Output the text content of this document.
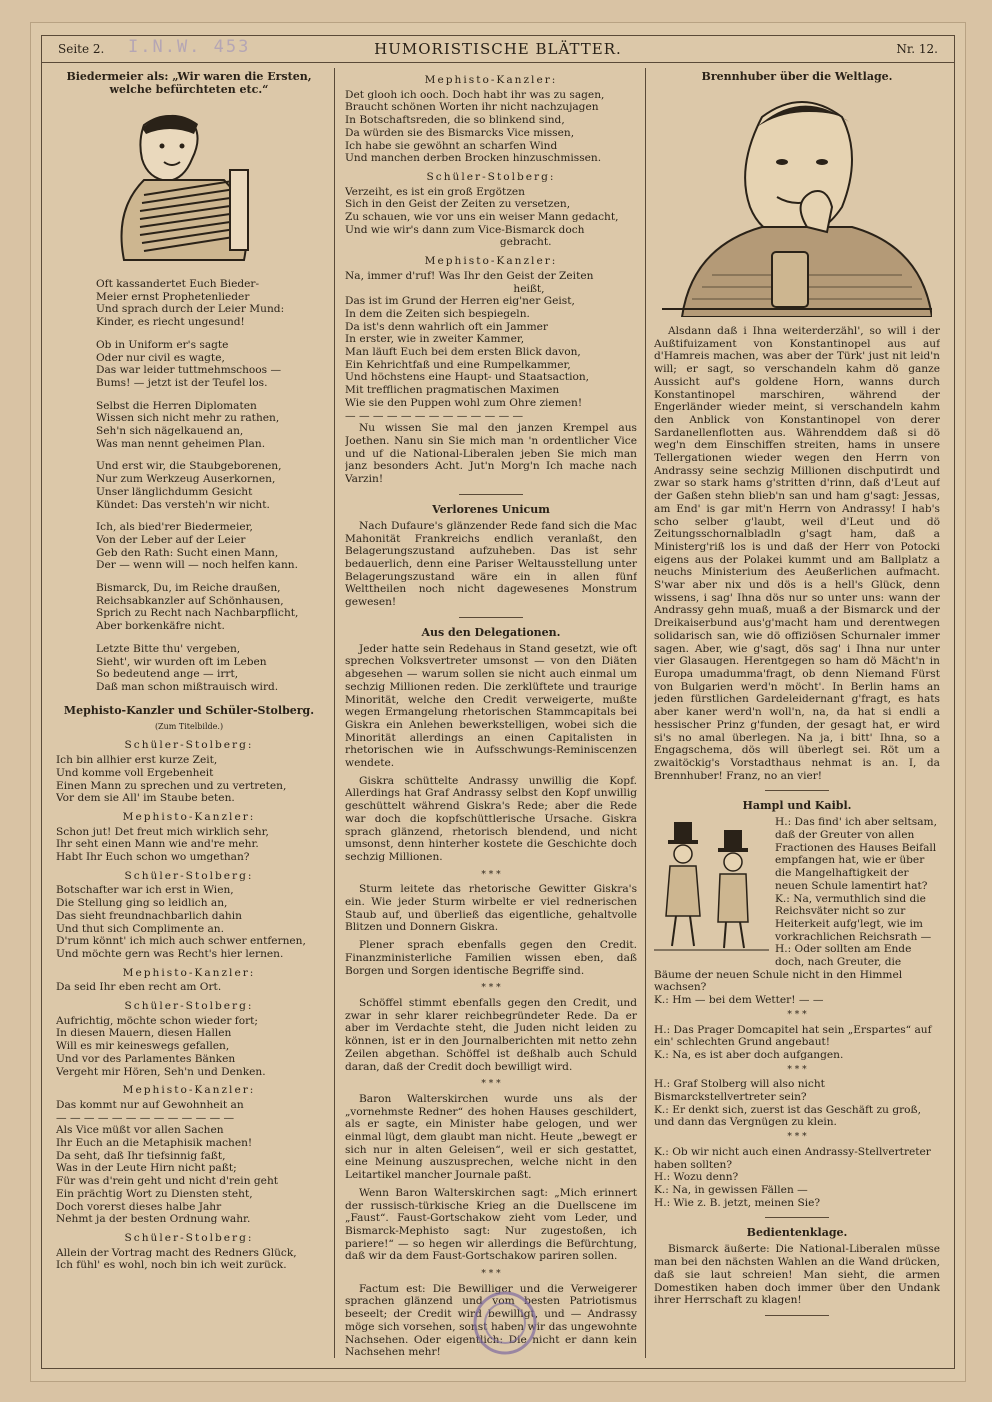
Seite 2. I.N.W. 453	HUMORISTISCHE BLÄTTER.	Nr. 12.
Biedermeier als: „Wir waren die Ersten, welche befürchteten etc.“
Oft kassandertet Euch Bieder-
Meier ernst Prophetenlieder
Und sprach durch der Leier Mund:
Kinder, es riecht ungesund!
Ob in Uniform er's sagte
Oder nur civil es wagte,
Das war leider tuttmehmschoos —
Bums! — jetzt ist der Teufel los.
Selbst die Herren Diplomaten
Wissen sich nicht mehr zu rathen,
Seh'n sich nägelkauend an,
Was man nennt geheimen Plan.
Und erst wir, die Staubgeborenen,
Nur zum Werkzeug Auserkornen,
Unser länglichdumm Gesicht
Kündet: Das versteh'n wir nicht.
Ich, als bied'rer Biedermeier,
Von der Leber auf der Leier
Geb den Rath: Sucht einen Mann,
Der — wenn will — noch helfen kann.
Bismarck, Du, im Reiche draußen,
Reichsabkanzler auf Schönhausen,
Sprich zu Recht nach Nachbarpflicht,
Aber borkenkäfre nicht.
Letzte Bitte thu' vergeben,
Sieht', wir wurden oft im Leben
So bedeutend ange — irrt,
Daß man schon mißtrauisch wird.
Mephisto-Kanzler und Schüler-Stolberg.
(Zum Titelbilde.)
Schüler-Stolberg:

Ich bin allhier erst kurze Zeit,
Und komme voll Ergebenheit
Einen Mann zu sprechen und zu vertreten,
Vor dem sie All' im Staube beten.

Mephisto-Kanzler:

Schon jut! Det freut mich wirklich sehr,
Ihr seht einen Mann wie and're mehr.
Habt Ihr Euch schon wo umgethan?

Schüler-Stolberg:

Botschafter war ich erst in Wien,
Die Stellung ging so leidlich an,
Das sieht freundnachbarlich dahin
Und thut sich Complimente an.
D'rum könnt' ich mich auch schwer entfernen,
Und möchte gern was Recht's hier lernen.

Mephisto-Kanzler:

Da seid Ihr eben recht am Ort.

Schüler-Stolberg:

Aufrichtig, möchte schon wieder fort;
In diesen Mauern, diesen Hallen
Will es mir keineswegs gefallen,
Und vor des Parlamentes Bänken
Vergeht mir Hören, Seh'n und Denken.

Mephisto-Kanzler:

Das kommt nur auf Gewohnheit an
— — — — — — — — — — — — —
Als Vice müßt vor allen Sachen
Ihr Euch an die Metaphisik machen!
Da seht, daß Ihr tiefsinnig faßt,
Was in der Leute Hirn nicht paßt;
Für was d'rein geht und nicht d'rein geht
Ein prächtig Wort zu Diensten steht,
Doch vorerst dieses halbe Jahr
Nehmt ja der besten Ordnung wahr.

Schüler-Stolberg:

Allein der Vortrag macht des Redners Glück,
Ich fühl' es wohl, noch bin ich weit zurück.

Mephisto-Kanzler:

Det glooh ich ooch. Doch habt ihr was zu sagen,
Braucht schönen Worten ihr nicht nachzujagen
In Botschaftsreden, die so blinkend sind,
Da würden sie des Bismarcks Vice missen,
Ich habe sie gewöhnt an scharfen Wind
Und manchen derben Brocken hinzuschmissen.

Schüler-Stolberg:

Verzeiht, es ist ein groß Ergötzen
Sich in den Geist der Zeiten zu versetzen,
Zu schauen, wie vor uns ein weiser Mann gedacht,
Und wie wir's dann zum Vice-Bismarck doch
gebracht.

Mephisto-Kanzler:

Na, immer d'ruf! Was Ihr den Geist der Zeiten
heißt,
Das ist im Grund der Herren eig'ner Geist,
In dem die Zeiten sich bespiegeln.
Da ist's denn wahrlich oft ein Jammer
In erster, wie in zweiter Kammer,
Man läuft Euch bei dem ersten Blick davon,
Ein Kehrichtfaß und eine Rumpelkammer,
Und höchstens eine Haupt- und Staatsaction,
Mit trefflichen pragmatischen Maximen
Wie sie den Puppen wohl zum Ohre ziemen!
— — — — — — — — — — — — —

Nu wissen Sie mal den janzen Krempel aus Joethen. Nanu sin Sie mich man 'n ordentlicher Vice und uf die National-Liberalen jeben Sie mich man janz besonders Acht. Jut'n Morg'n Ich mache nach Varzin!

Verlorenes Unicum

Nach Dufaure's glänzender Rede fand sich die Mac Mahonität Frankreichs endlich veranlaßt, den Belagerungszustand aufzuheben. Das ist sehr bedauerlich, denn eine Pariser Weltausstellung unter Belagerungszustand wäre ein in allen fünf Welttheilen noch nicht dagewesenes Monstrum gewesen!

Aus den Delegationen.

Jeder hatte sein Redehaus in Stand gesetzt, wie oft sprechen Volksvertreter umsonst — von den Diäten abgesehen — warum sollen sie nicht auch einmal um sechzig Millionen reden. Die zerklüftete und traurige Minorität, welche den Credit verweigerte, mußte wegen Ermangelung rhetorischen Stammcapitals bei Giskra ein Anlehen bewerkstelligen, wobei sich die Minorität allerdings an einen Capitalisten in rhetorischen wie in Aufsschwungs-Reminiscenzen wendete.

Giskra schüttelte Andrassy unwillig die Kopf. Allerdings hat Graf Andrassy selbst den Kopf unwillig geschüttelt während Giskra's Rede; aber die Rede war doch die kopfschüttlerische Ursache. Giskra sprach glänzend, rhetorisch blendend, und nicht umsonst, denn hinterher kostete die Geschichte doch sechzig Millionen.

* * *

Sturm leitete das rhetorische Gewitter Giskra's ein. Wie jeder Sturm wirbelte er viel rednerischen Staub auf, und überließ das eigentliche, gehaltvolle Blitzen und Donnern Giskra.

Plener sprach ebenfalls gegen den Credit. Finanzministerliche Familien wissen eben, daß Borgen und Sorgen identische Begriffe sind.

* * *

Schöffel stimmt ebenfalls gegen den Credit, und zwar in sehr klarer reichbegründeter Rede. Da er aber im Verdachte steht, die Juden nicht leiden zu können, ist er in den Journalberichten mit netto zehn Zeilen abgethan. Schöffel ist deßhalb auch Schuld daran, daß der Credit doch bewilligt wird.

* * *

Baron Walterskirchen wurde uns als der „vornehmste Redner“ des hohen Hauses geschildert, als er sagte, ein Minister habe gelogen, und wer einmal lügt, dem glaubt man nicht. Heute „bewegt er sich nur in alten Geleisen“, weil er sich gestattet, eine Meinung auszusprechen, welche nicht in den Leitartikel mancher Journale paßt.

Wenn Baron Walterskirchen sagt: „Mich erinnert der russisch-türkische Krieg an die Duellscene im „Faust“. Faust-Gortschakow zieht vom Leder, und Bismarck-Mephisto sagt: Nur zugestoßen, ich pariere!“ — so hegen wir allerdings die Befürchtung, daß wir da dem Faust-Gortschakow pariren sollen.

* * *

Factum est: Die Bewilliger und die Verweigerer sprachen glänzend und vom besten Patriotismus beseelt; der Credit wird bewilligt, und — Andrassy möge sich vorsehen, sonst haben wir das ungewohnte Nachsehen. Oder eigentlich: Die nicht er dann kein Nachsehen mehr!

Brennhuber über die Weltlage.

Alsdann daß i Ihna weiterderzähl', so will i der Außtifuizament von Konstantinopel aus auf d'Hamreis machen, was aber der Türk' just nit leid'n will; er sagt, so verschandeln kahm dö ganze Aussicht auf's goldene Horn, wanns durch Konstantinopel marschiren, während der Engerländer wieder meint, si verschandeln kahm den Anblick von Konstantinopel von derer Sardanellenflotten aus. Währenddem daß si dö weg'n dem Einschiffen streiten, hams in unsere Tellergationen wieder wegen den Herrn von Andrassy seine sechzig Millionen dischputirdt und zwar so stark hams g'stritten d'rinn, daß d'Leut auf der Gaßen stehn blieb'n san und ham g'sagt: Jessas, am End' is gar mit'n Herrn von Andrassy! I hab's scho selber g'laubt, weil d'Leut und dö Zeitungsschornalbladln g'sagt ham, daß a Ministerg'riß los is und daß der Herr von Potocki eigens aus der Polakei kummt und am Ballplatz a neuchs Ministerium des Aeußerlichen aufmacht. S'war aber nix und dös is a hell's Glück, denn wissens, i sag' Ihna dös nur so unter uns: wann der Andrassy gehn muaß, muaß a der Bismarck und der Dreikaiserbund aus'g'macht ham und derentwegen solidarisch san, wie dö offiziösen Schurnaler immer sagen. Aber, wie g'sagt, dös sag' i Ihna nur unter vier Glasaugen. Herentgegen so ham dö Mächt'n in Europa umadumma'fragt, ob denn Niemand Fürst von Bulgarien werd'n möcht'. In Berlin hams an jeden fürstlichen Gardeleidernant g'fragt, es hats aber kaner werd'n woll'n, na, da hat si endli a hessischer Prinz g'funden, der gesagt hat, er wird si's no amal überlegen. Na ja, i bitt' Ihna, so a Engagschema, dös will überlegt sei. Röt um a zwaitöckig's Vorstadthaus nehmat is an. I, da Brennhuber! Franz, no an vier!

Hampl und Kaibl.

H.: Das find' ich aber seltsam, daß der Greuter von allen Fractionen des Hauses Beifall empfangen hat, wie er über die Mangelhaftigkeit der neuen Schule lamentirt hat?

K.: Na, vermuthlich sind die Reichsväter nicht so zur Heiterkeit aufg'legt, wie im vorkrachlichen Reichsrath —

H.: Oder sollten am Ende doch, nach Greuter, die Bäume der neuen Schule nicht in den Himmel wachsen?

K.: Hm — bei dem Wetter! — —

* * *

H.: Das Prager Domcapitel hat sein „Erspartes“ auf ein' schlechten Grund angebaut!

K.: Na, es ist aber doch aufgangen.

* * *

H.: Graf Stolberg will also nicht Bismarckstellvertreter sein?

K.: Er denkt sich, zuerst ist das Geschäft zu groß, und dann das Vergnügen zu klein.

* * *

K.: Ob wir nicht auch einen Andrassy-Stellvertreter haben sollten?

H.: Wozu denn?

K.: Na, in gewissen Fällen —

H.: Wie z. B. jetzt, meinen Sie?

Bedientenklage.

Bismarck äußerte: Die National-Liberalen müsse man bei den nächsten Wahlen an die Wand drücken, daß sie laut schreien! Man sieht, die armen Domestiken haben doch immer über den Undank ihrer Herrschaft zu klagen!
